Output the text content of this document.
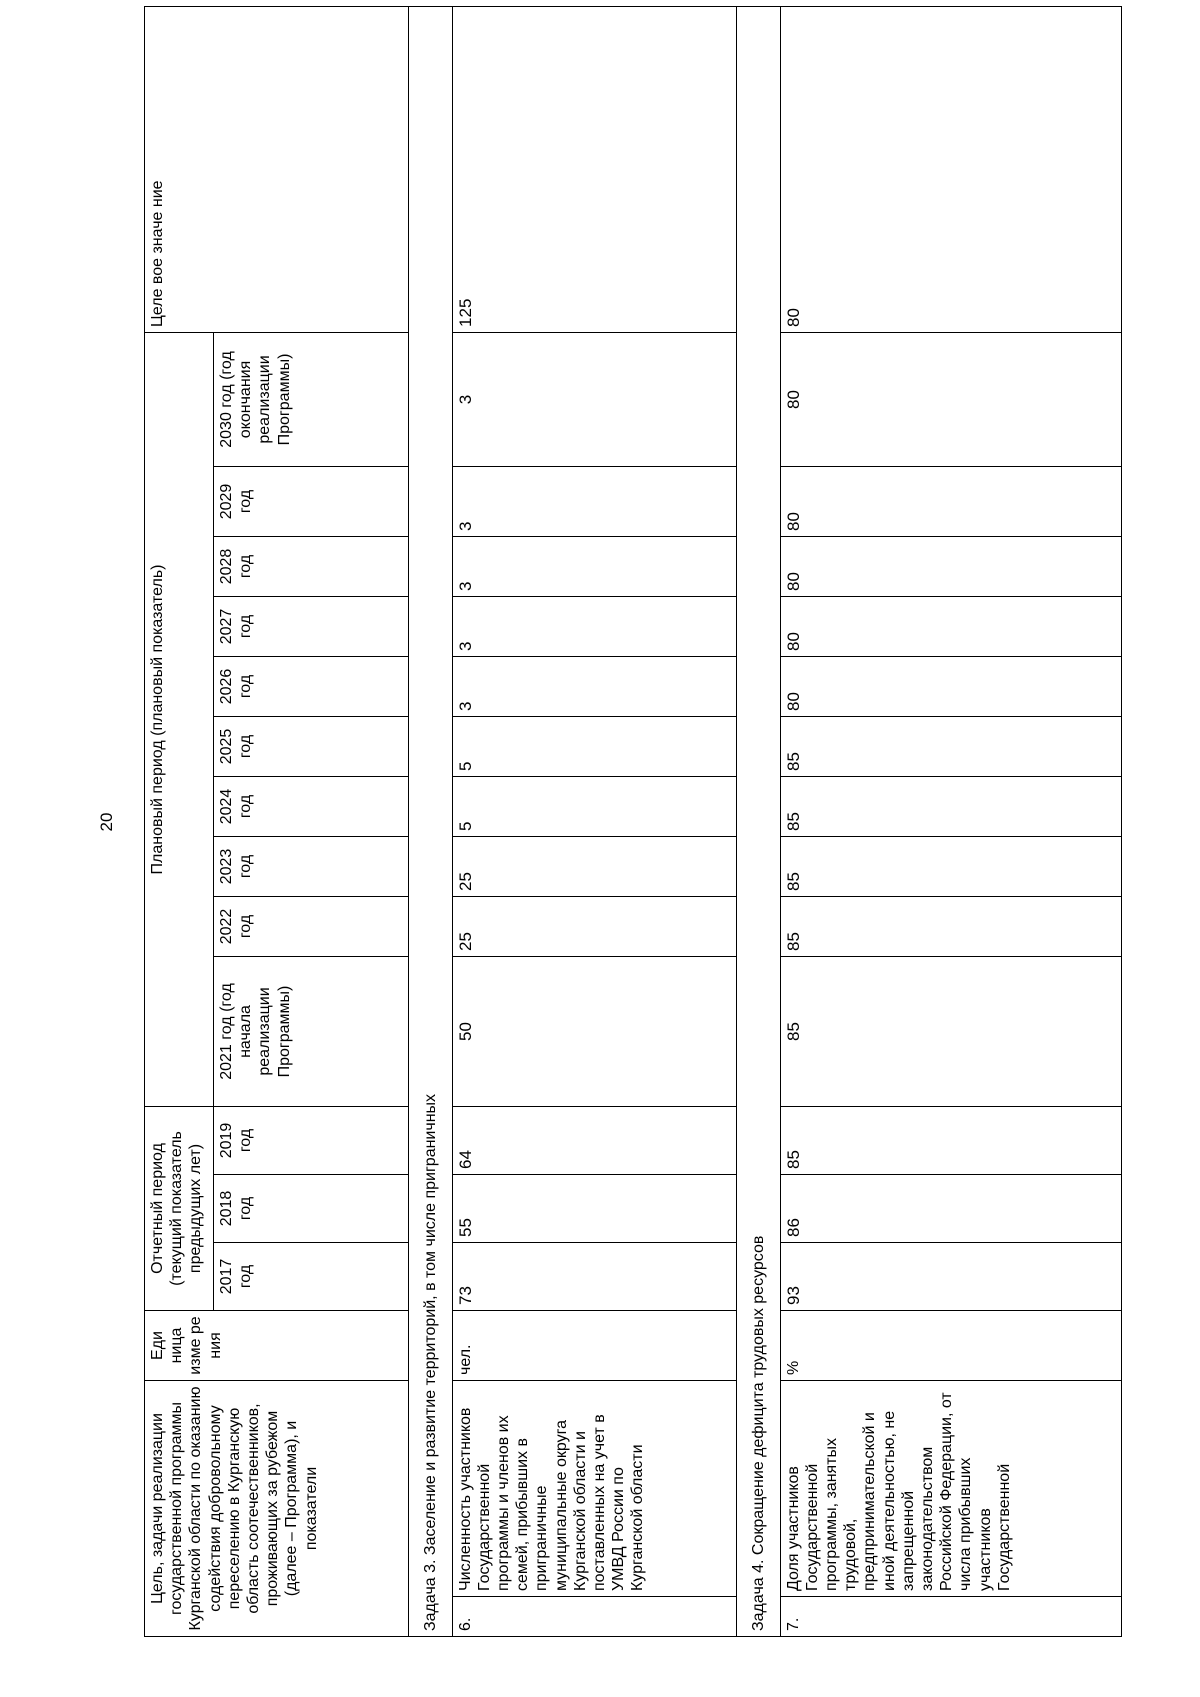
20
Цель, задачи реализации государственной программы Курганской области по оказанию содействия добровольному переселению в Курганскую область соотечественников, проживающих за рубежом (далее – Программа), и показатели		Еди ница изме ре ния	Отчетный период (текущий показатель предыдущих лет)			Плановый период (плановый показатель)										Целе вое значе ние
			2017 год	2018 год	2019 год	2021 год (год начала реализации Программы)	2022 год	2023 год	2024 год	2025 год	2026 год	2027 год	2028 год	2029 год	2030 год (год окончания реализации Программы)	
Задача 3. Заселение и развитие территорий, в том числе приграничных																
6.	Численность участников Государственной программы и членов их семей, прибывших в приграничные муниципальные округа Курганской области и поставленных на учет в УМВД России по Курганской области	чел.	73	55	64	50	25	25	5	5	3	3	3	3	3	125
Задача 4. Сокращение дефицита трудовых ресурсов																
7.	Доля участников Государственной программы, занятых трудовой, предпринимательской и иной деятельностью, не запрещенной законодательством Российской Федерации, от числа прибывших участников Государственной	%	93	86	85	85	85	85	85	85	80	80	80	80	80	80
